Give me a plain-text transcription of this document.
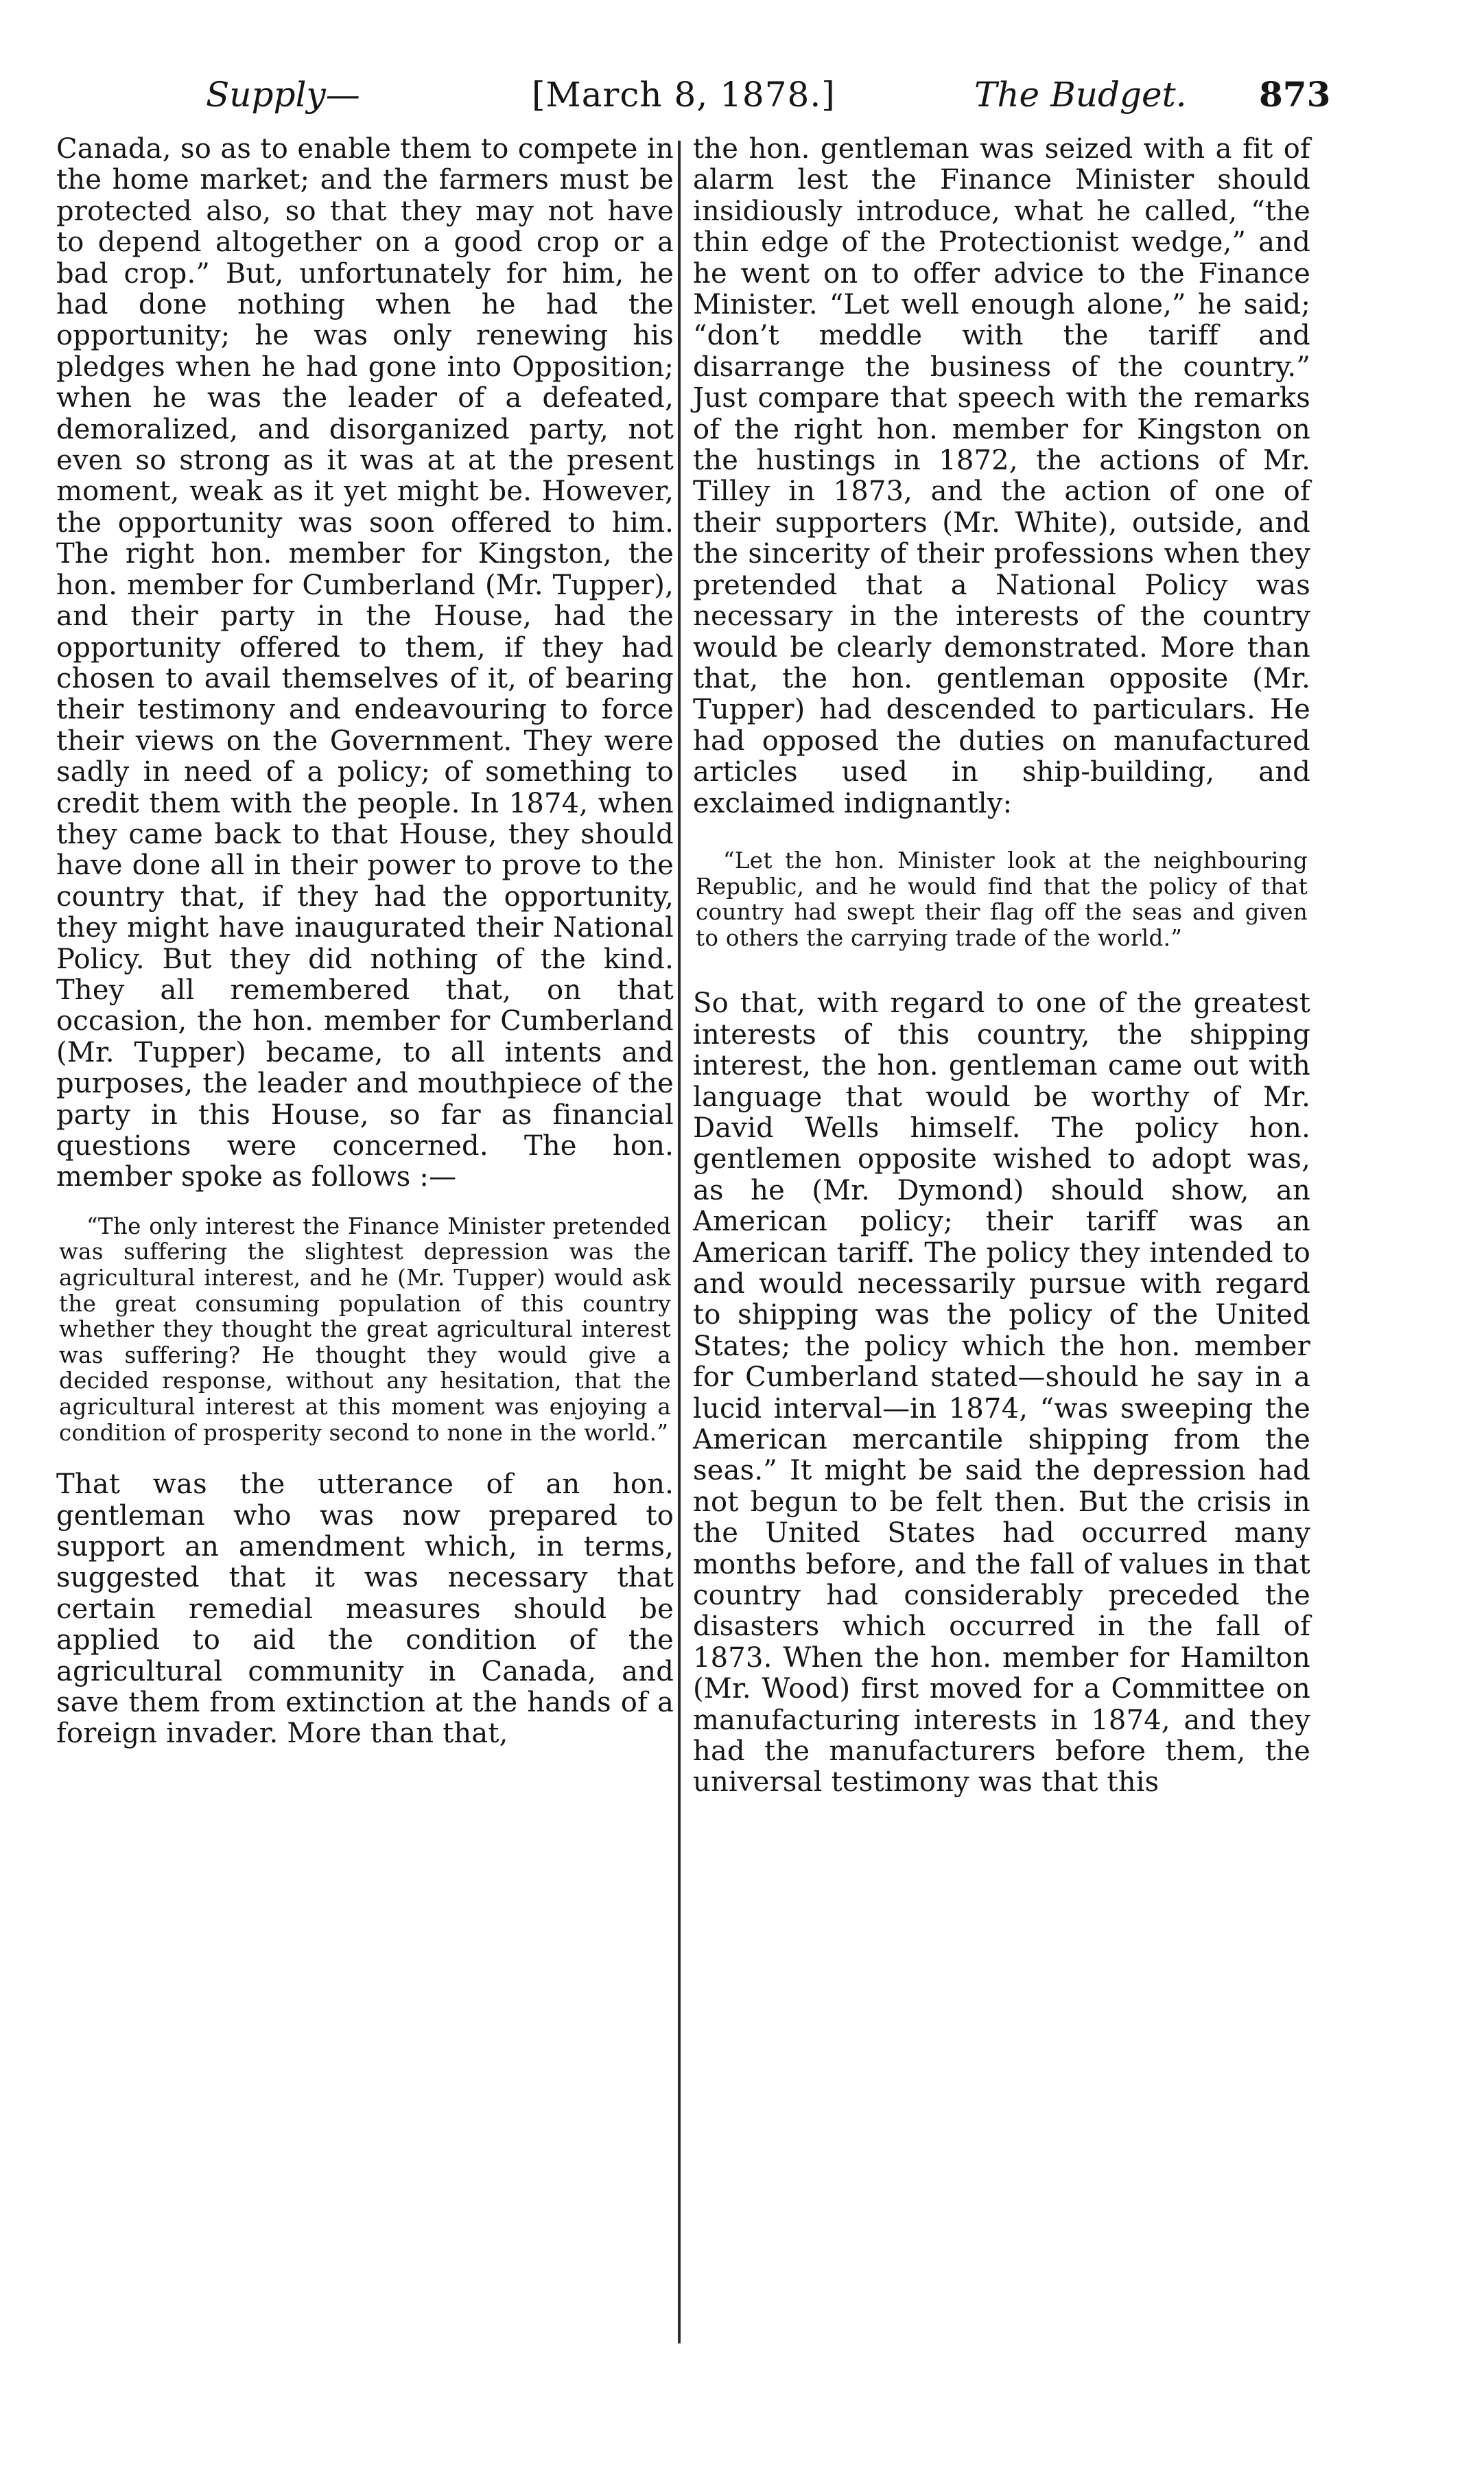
Supply—	[March 8, 1878.]	The Budget. 873

Canada, so as to enable them to compete in the home market; and the farmers must be protected also, so that they may not have to depend altogether on a good crop or a bad crop.” But, unfortunately for him, he had done nothing when he had the opportunity; he was only renewing his pledges when he had gone into Opposition; when he was the leader of a defeated, demoralized, and disorganized party, not even so strong as it was at at the present moment, weak as it yet might be. However, the opportunity was soon offered to him. The right hon. member for Kingston, the hon. member for Cumberland (Mr. Tupper), and their party in the House, had the opportunity offered to them, if they had chosen to avail themselves of it, of bearing their testimony and endeavouring to force their views on the Government. They were sadly in need of a policy; of something to credit them with the people. In 1874, when they came back to that House, they should have done all in their power to prove to the country that, if they had the opportunity, they might have inaugurated their National Policy. But they did nothing of the kind. They all remembered that, on that occasion, the hon. member for Cumberland (Mr. Tupper) became, to all intents and purposes, the leader and mouthpiece of the party in this House, so far as financial questions were concerned. The hon. member spoke as follows :—

“The only interest the Finance Minister pretended was suffering the slightest depression was the agricultural interest, and he (Mr. Tupper) would ask the great consuming population of this country whether they thought the great agricultural interest was suffering? He thought they would give a decided response, without any hesitation, that the agricultural interest at this moment was enjoying a condition of prosperity second to none in the world.”

That was the utterance of an hon. gentleman who was now prepared to support an amendment which, in terms, suggested that it was necessary that certain remedial measures should be applied to aid the condition of the agricultural community in Canada, and save them from extinction at the hands of a foreign invader. More than that,

the hon. gentleman was seized with a fit of alarm lest the Finance Minister should insidiously introduce, what he called, “the thin edge of the Protectionist wedge,” and he went on to offer advice to the Finance Minister. “Let well enough alone,” he said; “don’t meddle with the tariff and disarrange the business of the country.” Just compare that speech with the remarks of the right hon. member for Kingston on the hustings in 1872, the actions of Mr. Tilley in 1873, and the action of one of their supporters (Mr. White), outside, and the sincerity of their professions when they pretended that a National Policy was necessary in the interests of the country would be clearly demonstrated. More than that, the hon. gentleman opposite (Mr. Tupper) had descended to particulars. He had opposed the duties on manufactured articles used in ship-building, and exclaimed indignantly:

“Let the hon. Minister look at the neighbouring Republic, and he would find that the policy of that country had swept their flag off the seas and given to others the carrying trade of the world.”

So that, with regard to one of the greatest interests of this country, the shipping interest, the hon. gentleman came out with language that would be worthy of Mr. David Wells himself. The policy hon. gentlemen opposite wished to adopt was, as he (Mr. Dymond) should show, an American policy; their tariff was an American tariff. The policy they intended to and would necessarily pursue with regard to shipping was the policy of the United States; the policy which the hon. member for Cumberland stated—should he say in a lucid interval—in 1874, “was sweeping the American mercantile shipping from the seas.” It might be said the depression had not begun to be felt then. But the crisis in the United States had occurred many months before, and the fall of values in that country had considerably preceded the disasters which occurred in the fall of 1873. When the hon. member for Hamilton (Mr. Wood) first moved for a Committee on manufacturing interests in 1874, and they had the manufacturers before them, the universal testimony was that this
